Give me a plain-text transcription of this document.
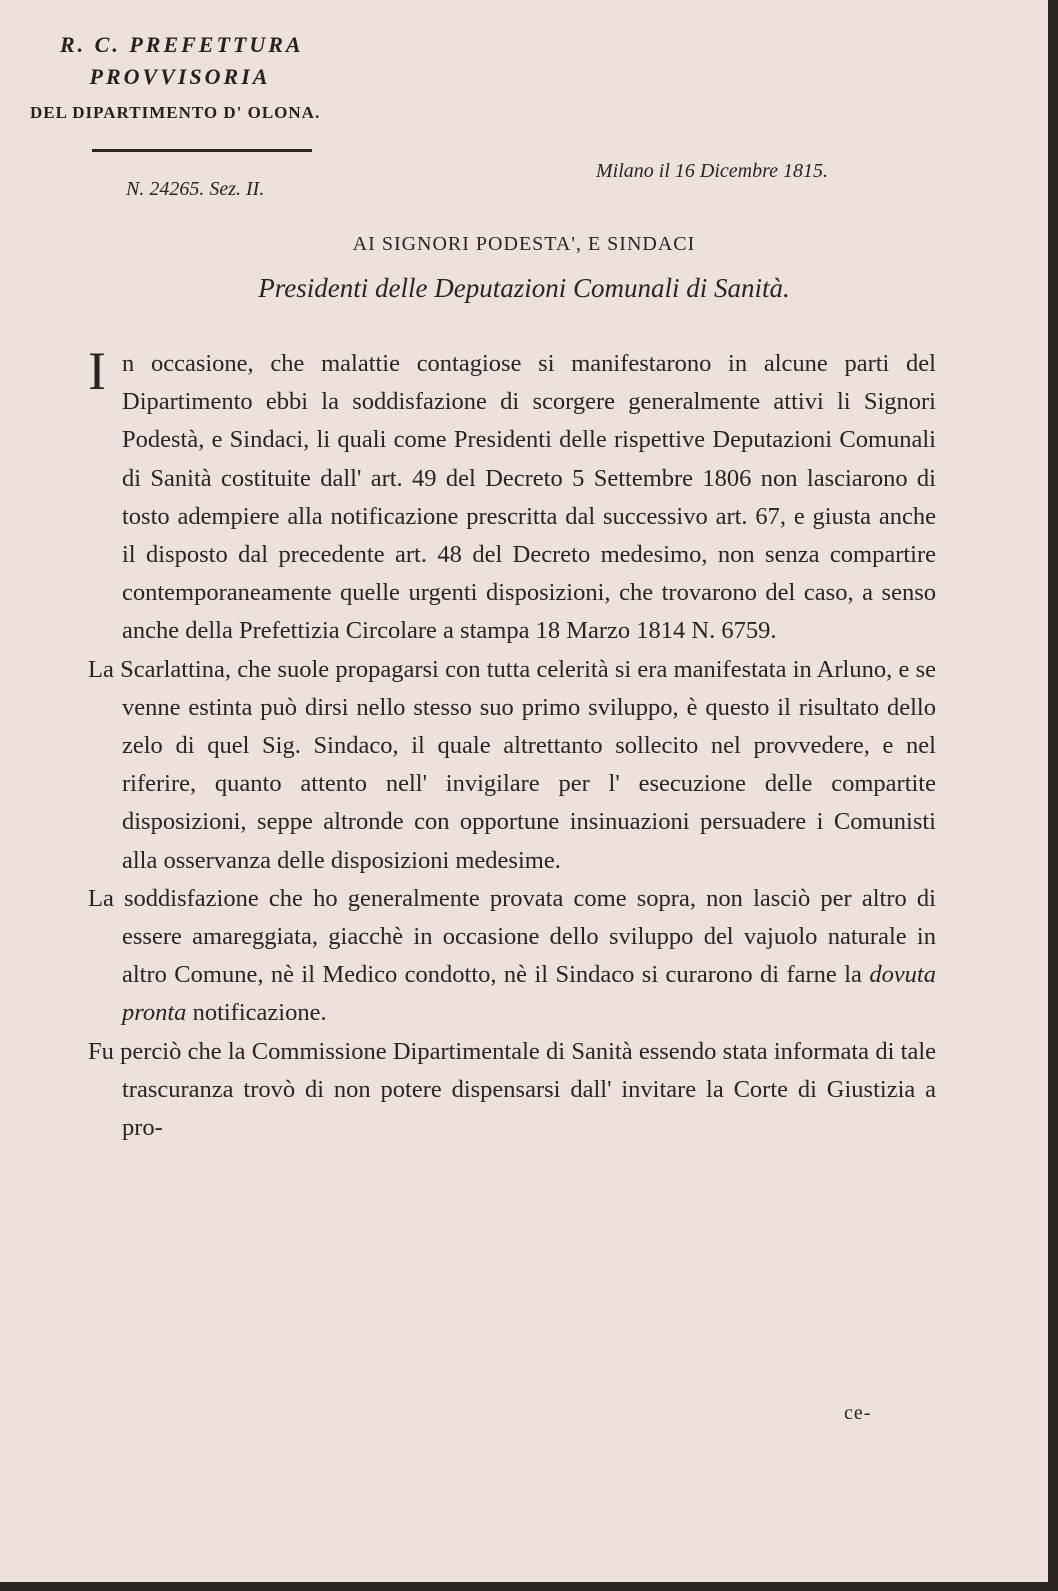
R. C. PREFETTURA
PROVVISORIA
DEL DIPARTIMENTO D' OLONA.
N. 24265. Sez. II.
Milano il 16 Dicembre 1815.
AI SIGNORI PODESTA', E SINDACI
Presidenti delle Deputazioni Comunali di Sanità.

In occasione, che malattie contagiose si manifestarono in alcune parti del Dipartimento ebbi la soddisfazione di scorgere generalmente attivi li Signori Podestà, e Sindaci, li quali come Presidenti delle rispettive Deputazioni Comunali di Sanità costituite dall' art. 49 del Decreto 5 Settembre 1806 non lasciarono di tosto adempiere alla notificazione prescritta dal successivo art. 67, e giusta anche il disposto dal precedente art. 48 del Decreto medesimo, non senza compartire contemporaneamente quelle urgenti disposizioni, che trovarono del caso, a senso anche della Prefettizia Circolare a stampa 18 Marzo 1814 N. 6759.

La Scarlattina, che suole propagarsi con tutta celerità si era manifestata in Arluno, e se venne estinta può dirsi nello stesso suo primo sviluppo, è questo il risultato dello zelo di quel Sig. Sindaco, il quale altrettanto sollecito nel provvedere, e nel riferire, quanto attento nell' invigilare per l' esecuzione delle compartite disposizioni, seppe altronde con opportune insinuazioni persuadere i Comunisti alla osservanza delle disposizioni medesime.

La soddisfazione che ho generalmente provata come sopra, non lasciò per altro di essere amareggiata, giacchè in occasione dello sviluppo del vajuolo naturale in altro Comune, nè il Medico condotto, nè il Sindaco si curarono di farne la dovuta pronta notificazione.

Fu perciò che la Commissione Dipartimentale di Sanità essendo stata informata di tale trascuranza trovò di non potere dispensarsi dall' invitare la Corte di Giustizia a pro-

ce-
